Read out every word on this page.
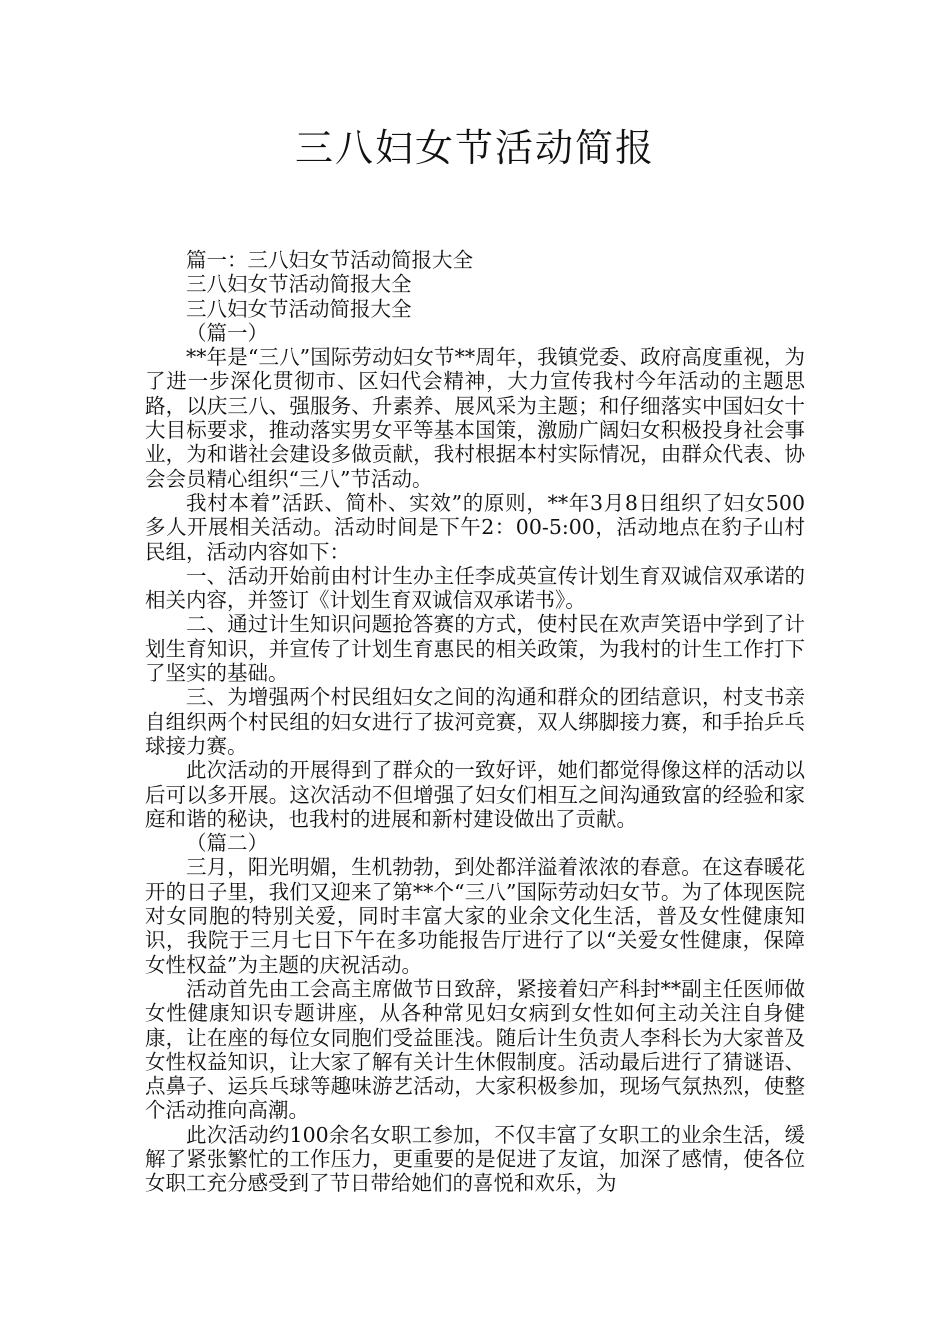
三八妇女节活动简报

篇一：三八妇女节活动简报大全

三八妇女节活动简报大全

三八妇女节活动简报大全

（篇一）

**年是“三八”国际劳动妇女节**周年，我镇党委、政府高度重视，为了进一步深化贯彻市、区妇代会精神，大力宣传我村今年活动的主题思路，以庆三八、强服务、升素养、展风采为主题；和仔细落实中国妇女十大目标要求，推动落实男女平等基本国策，激励广阔妇女积极投身社会事业，为和谐社会建设多做贡献，我村根据本村实际情况，由群众代表、协会会员精心组织“三八”节活动。

我村本着”活跃、简朴、实效”的原则，**年3月8日组织了妇女500多人开展相关活动。活动时间是下午2：00-5:00，活动地点在豹子山村民组，活动内容如下：

一、活动开始前由村计生办主任李成英宣传计划生育双诚信双承诺的相关内容，并签订《计划生育双诚信双承诺书》。

二、通过计生知识问题抢答赛的方式，使村民在欢声笑语中学到了计划生育知识，并宣传了计划生育惠民的相关政策，为我村的计生工作打下了坚实的基础。

三、为增强两个村民组妇女之间的沟通和群众的团结意识，村支书亲自组织两个村民组的妇女进行了拔河竞赛，双人绑脚接力赛，和手抬乒乓球接力赛。

此次活动的开展得到了群众的一致好评，她们都觉得像这样的活动以后可以多开展。这次活动不但增强了妇女们相互之间沟通致富的经验和家庭和谐的秘诀，也我村的进展和新村建设做出了贡献。

（篇二）

三月，阳光明媚，生机勃勃，到处都洋溢着浓浓的春意。在这春暖花开的日子里，我们又迎来了第**个“三八”国际劳动妇女节。为了体现医院对女同胞的特别关爱，同时丰富大家的业余文化生活，普及女性健康知识，我院于三月七日下午在多功能报告厅进行了以“关爱女性健康，保障女性权益”为主题的庆祝活动。

活动首先由工会高主席做节日致辞，紧接着妇产科封**副主任医师做女性健康知识专题讲座，从各种常见妇女病到女性如何主动关注自身健康，让在座的每位女同胞们受益匪浅。随后计生负责人李科长为大家普及女性权益知识，让大家了解有关计生休假制度。活动最后进行了猜谜语、点鼻子、运兵乓球等趣味游艺活动，大家积极参加，现场气氛热烈，使整个活动推向高潮。

此次活动约100余名女职工参加，不仅丰富了女职工的业余生活，缓解了紧张繁忙的工作压力，更重要的是促进了友谊，加深了感情，使各位女职工充分感受到了节日带给她们的喜悦和欢乐，为
